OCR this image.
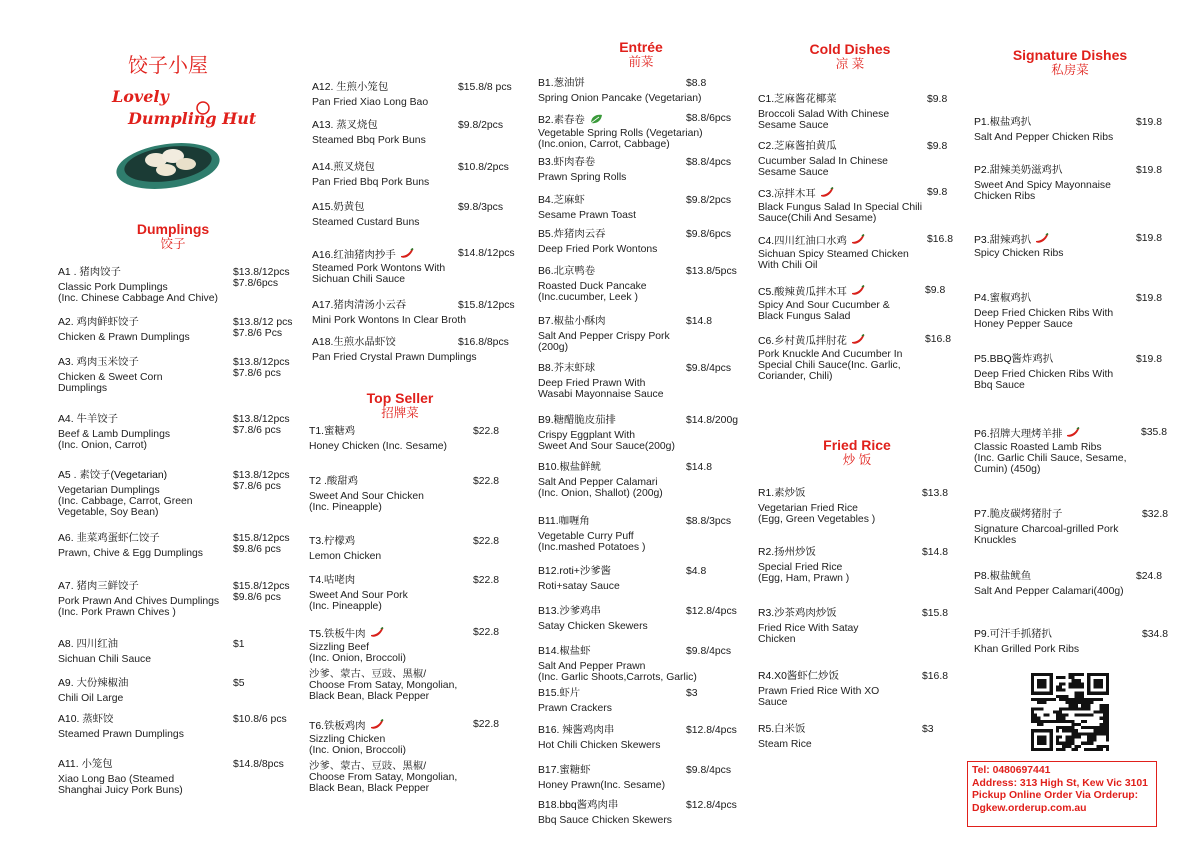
饺子小屋
Lovely
Dumpling Hut
Dumplings
饺子
A1 . 猪肉饺子
Classic Pork Dumplings
(Inc. Chinese Cabbage And Chive)
$13.8/12pcs
$7.8/6pcs
A2. 鸡肉鲜虾饺子
Chicken & Prawn Dumplings
$13.8/12 pcs
$7.8/6 Pcs
A3. 鸡肉玉米饺子
Chicken & Sweet Corn
Dumplings
$13.8/12pcs
$7.8/6 pcs
A4. 牛羊饺子
Beef & Lamb Dumplings
(Inc. Onion, Carrot)
$13.8/12pcs
$7.8/6 pcs
A5 . 素饺子(Vegetarian)
Vegetarian Dumplings
(Inc. Cabbage, Carrot, Green
Vegetable, Soy Bean)
$13.8/12pcs
$7.8/6 pcs
A6. 韭菜鸡蛋虾仁饺子
Prawn, Chive & Egg Dumplings
$15.8/12pcs
$9.8/6 pcs
A7. 猪肉三鲜饺子
Pork Prawn And Chives Dumplings
(Inc. Pork Prawn Chives )
$15.8/12pcs
$9.8/6 pcs
A8. 四川红油
Sichuan Chili Sauce
$1
A9. 大份辣椒油
Chili Oil Large
$5
A10. 蒸虾饺
Steamed Prawn Dumplings
$10.8/6 pcs
A11. 小笼包
Xiao Long Bao (Steamed
Shanghai Juicy Pork Buns)
$14.8/8pcs
A12. 生煎小笼包
Pan Fried Xiao Long Bao
$15.8/8 pcs
A13. 蒸叉烧包
Steamed Bbq Pork Buns
$9.8/2pcs
A14.煎叉烧包
Pan Fried Bbq Pork Buns
$10.8/2pcs
A15.奶黄包
Steamed Custard Buns
$9.8/3pcs
A16.红油猪肉抄手
Steamed Pork Wontons With
Sichuan Chili Sauce
$14.8/12pcs
A17.猪肉清汤小云吞
Mini Pork Wontons In Clear Broth
$15.8/12pcs
A18.生煎水晶虾饺
Pan Fried Crystal Prawn Dumplings
$16.8/8pcs
Top Seller
招牌菜
T1.蜜糖鸡
Honey Chicken (Inc. Sesame)
$22.8
T2 .酸甜鸡
Sweet And Sour Chicken
(Inc. Pineapple)
$22.8
T3.柠檬鸡
Lemon Chicken
$22.8
T4.咕咾肉
Sweet And Sour Pork
(Inc. Pineapple)
$22.8
T5.铁板牛肉
Sizzling Beef
(Inc. Onion, Broccoli)
沙爹、蒙古、豆豉、黑椒/
Choose From Satay, Mongolian,
Black Bean, Black Pepper
$22.8
T6.铁板鸡肉
Sizzling Chicken
(Inc. Onion, Broccoli)
沙爹、蒙古、豆豉、黑椒/
Choose From Satay, Mongolian,
Black Bean, Black Pepper
$22.8
Entrée
前菜
B1.葱油饼
Spring Onion Pancake (Vegetarian)
$8.8
B2.素春卷
Vegetable Spring Rolls (Vegetarian)
(Inc.onion, Carrot, Cabbage)
$8.8/6pcs
B3.虾肉春卷
Prawn Spring Rolls
$8.8/4pcs
B4.芝麻虾
Sesame Prawn Toast
$9.8/2pcs
B5.炸猪肉云吞
Deep Fried Pork Wontons
$9.8/6pcs
B6.北京鸭卷
Roasted Duck Pancake
(Inc.cucumber, Leek )
$13.8/5pcs
B7.椒盐小酥肉
Salt And Pepper Crispy Pork
(200g)
$14.8
B8.芥末虾球
Deep Fried Prawn With
Wasabi Mayonnaise Sauce
$9.8/4pcs
B9.糖醋脆皮茄排
Crispy Eggplant With
Sweet And Sour Sauce(200g)
$14.8/200g
B10.椒盐鲜鱿
Salt And Pepper Calamari
(Inc. Onion, Shallot) (200g)
$14.8
B11.咖喱角
Vegetable Curry Puff
(Inc.mashed Potatoes )
$8.8/3pcs
B12.roti+沙爹酱
Roti+satay Sauce
$4.8
B13.沙爹鸡串
Satay Chicken Skewers
$12.8/4pcs
B14.椒盐虾
Salt And Pepper Prawn
(Inc. Garlic Shoots,Carrots, Garlic)
$9.8/4pcs
B15.虾片
Prawn Crackers
$3
B16. 辣酱鸡肉串
Hot Chili Chicken Skewers
$12.8/4pcs
B17.蜜糖虾
Honey Prawn(Inc. Sesame)
$9.8/4pcs
B18.bbq酱鸡肉串
Bbq Sauce Chicken Skewers
$12.8/4pcs
Cold Dishes
凉 菜
C1.芝麻酱花椰菜
Broccoli Salad With Chinese
Sesame Sauce
$9.8
C2.芝麻酱拍黄瓜
Cucumber Salad In Chinese
Sesame Sauce
$9.8
C3.凉拌木耳
Black Fungus Salad In Special Chili
Sauce(Chili And Sesame)
$9.8
C4.四川红油口水鸡
Sichuan Spicy Steamed Chicken
With Chili Oil
$16.8
C5.酸辣黄瓜拌木耳
Spicy And Sour Cucumber &
Black Fungus Salad
$9.8
C6.乡村黄瓜拌肘花
Pork Knuckle And Cucumber In
Special Chili Sauce(Inc. Garlic,
Coriander, Chili)
$16.8
Fried Rice
炒 饭
R1.素炒饭
Vegetarian Fried Rice
(Egg, Green Vegetables )
$13.8
R2.扬州炒饭
Special Fried Rice
(Egg, Ham, Prawn )
$14.8
R3.沙茶鸡肉炒饭
Fried Rice With Satay
Chicken
$15.8
R4.X0酱虾仁炒饭
Prawn Fried Rice With XO
Sauce
$16.8
R5.白米饭
Steam Rice
$3
Signature Dishes
私房菜
P1.椒盐鸡扒
Salt And Pepper Chicken Ribs
$19.8
P2.甜辣美奶滋鸡扒
Sweet And Spicy Mayonnaise
Chicken Ribs
$19.8
P3.甜辣鸡扒
Spicy Chicken Ribs
$19.8
P4.蜜椒鸡扒
Deep Fried Chicken Ribs With
Honey Pepper Sauce
$19.8
P5.BBQ酱炸鸡扒
Deep Fried Chicken Ribs With
Bbq Sauce
$19.8
P6.招牌大理烤羊排
Classic Roasted Lamb Ribs
(Inc. Garlic Chili Sauce, Sesame,
Cumin) (450g)
$35.8
P7.脆皮碳烤猪肘子
Signature Charcoal-grilled Pork
Knuckles
$32.8
P8.椒盐鱿鱼
Salt And Pepper Calamari(400g)
$24.8
P9.可汗手抓猪扒
Khan Grilled Pork Ribs
$34.8
Tel: 0480697441
Address: 313 High St, Kew Vic 3101
Pickup Online Order Via Orderup:
Dgkew.orderup.com.au
